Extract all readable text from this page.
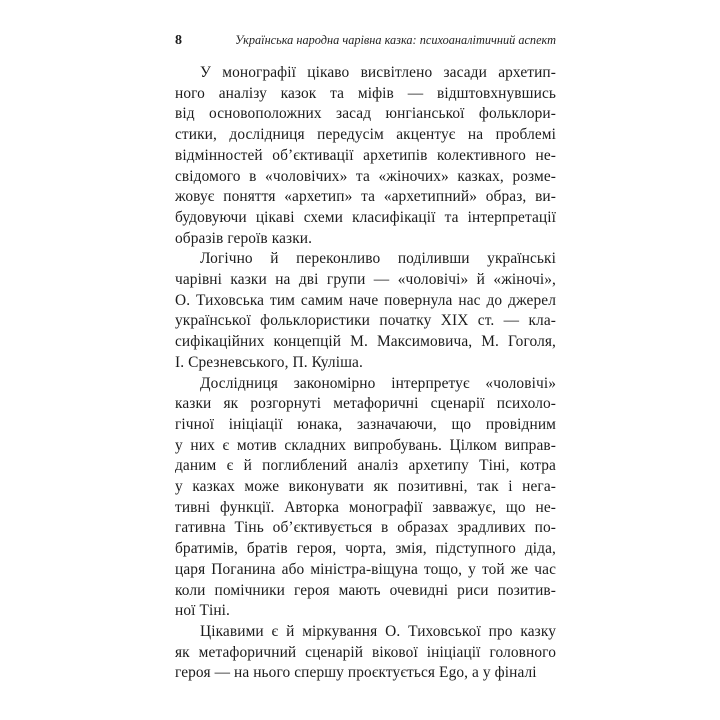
8	Українська народна чарівна казка: психоаналітичний аспект
У монографії цікаво висвітлено засади архетип-
ного аналізу казок та міфів — відштовхнувшись
від основоположних засад юнгіанської фольклори-
стики, дослідниця передусім акцентує на проблемі
відмінностей об’єктивації архетипів колективного не-
свідомого в «чоловічих» та «жіночих» казках, розме-
жовує поняття «архетип» та «архетипний» образ, ви-
будовуючи цікаві схеми класифікації та інтерпретації
образів героїв казки.
Логічно й переконливо поділивши українські
чарівні казки на дві групи — «чоловічі» й «жіночі»,
О. Тиховська тим самим наче повернула нас до джерел
української фольклористики початку XIX ст. — кла-
сифікаційних концепцій М. Максимовича, М. Гоголя,
І. Срезневського, П. Куліша.
Дослідниця закономірно інтерпретує «чоловічі»
казки як розгорнуті метафоричні сценарії психоло-
гічної ініціації юнака, зазначаючи, що провідним
у них є мотив складних випробувань. Цілком виправ-
даним є й поглиблений аналіз архетипу Тіні, котра
у казках може виконувати як позитивні, так і нега-
тивні функції. Авторка монографії завважує, що не-
гативна Тінь об’єктивується в образах зрадливих по-
братимів, братів героя, чорта, змія, підступного діда,
царя Поганина або міністра-віщуна тощо, у той же час
коли помічники героя мають очевидні риси позитив-
ної Тіні.
Цікавими є й міркування О. Тиховської про казку
як метафоричний сценарій вікової ініціації головного
героя — на нього спершу проєктується Ego, а у фіналі
